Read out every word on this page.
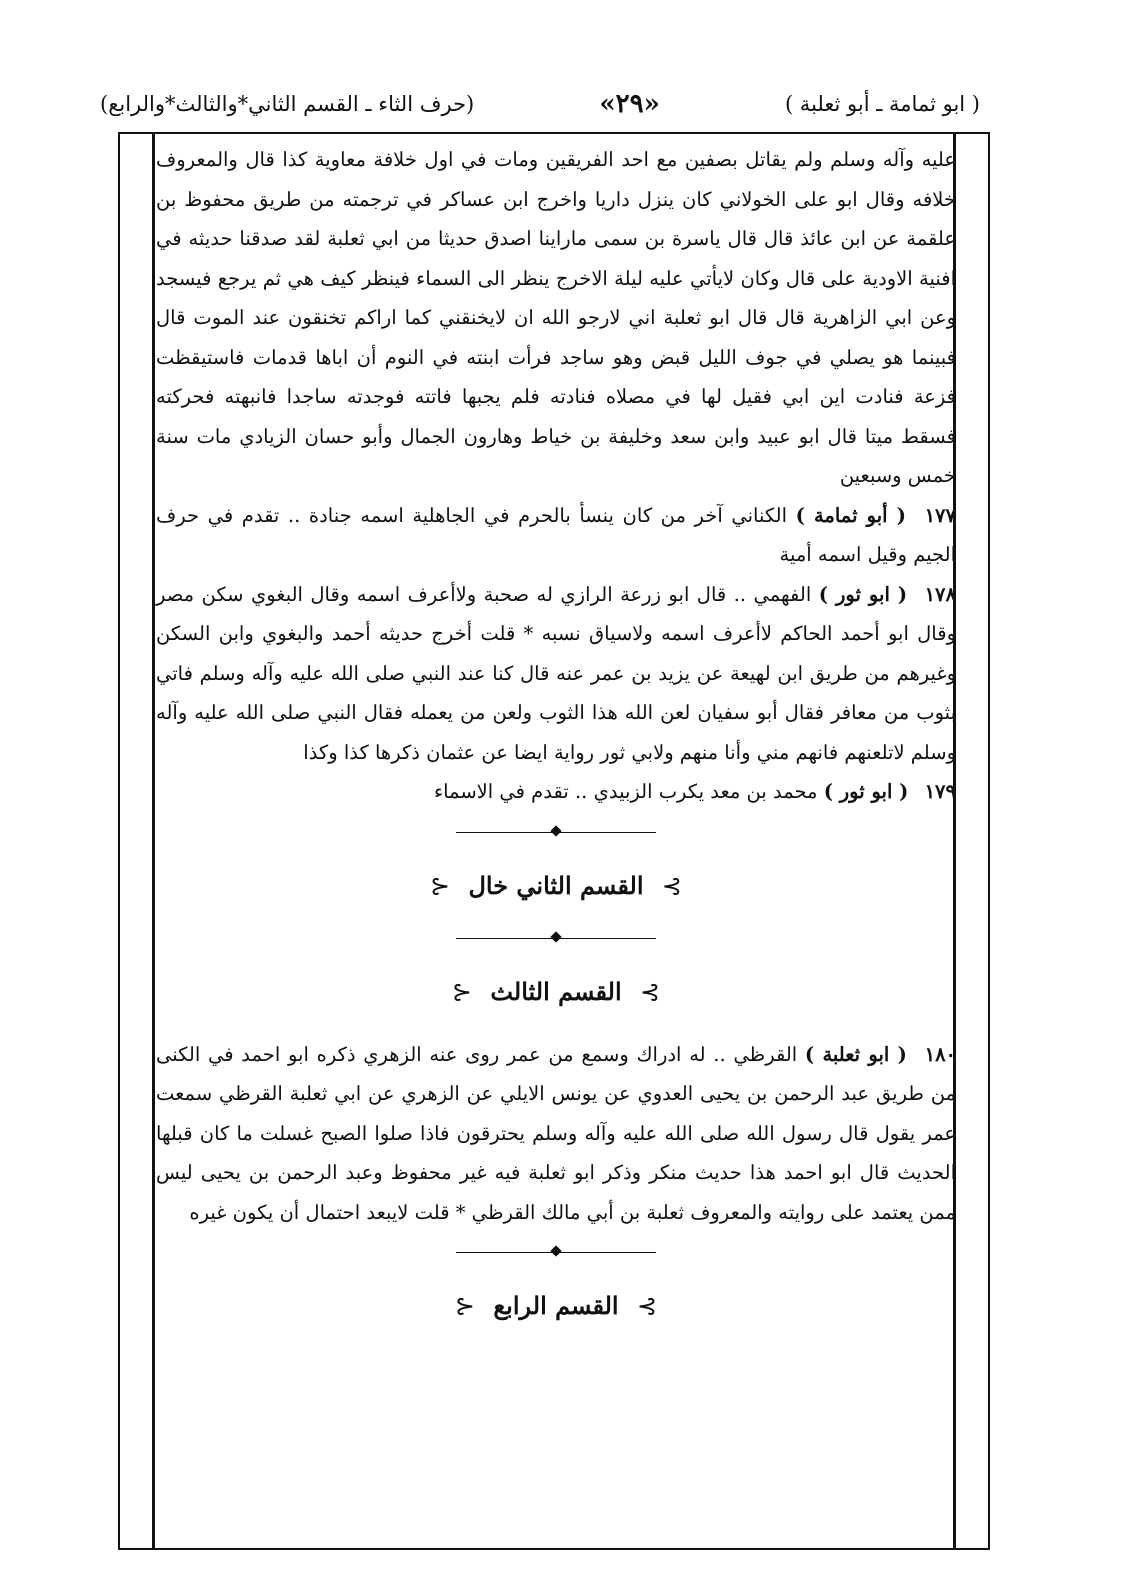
(حرف الثاء ـ القسم الثاني*والثالث*والرابع)	«٢٩»	( ابو ثمامة ـ أبو ثعلبة )

عليه وآله وسلم ولم يقاتل بصفين مع احد الفريقين ومات في اول خلافة معاوية كذا قال والمعروف خلافه وقال ابو على الخولاني كان ينزل داريا واخرج ابن عساكر في ترجمته من طريق محفوظ بن علقمة عن ابن عائذ قال قال ياسرة بن سمى ماراينا اصدق حديثا من ابي ثعلبة لقد صدقنا حديثه في افنية الاودية على قال وكان لايأتي عليه ليلة الاخرج ينظر الى السماء فينظر كيف هي ثم يرجع فيسجد وعن ابي الزاهرية قال قال ابو ثعلبة اني لارجو الله ان لايخنقني كما اراكم تخنقون عند الموت قال فبينما هو يصلي في جوف الليل قبض وهو ساجد فرأت ابنته في النوم أن اباها قدمات فاستيقظت فزعة فنادت اين ابي فقيل لها في مصلاه فنادته فلم يجبها فاتته فوجدته ساجدا فانبهته فحركته فسقط ميتا قال ابو عبيد وابن سعد وخليفة بن خياط وهارون الجمال وأبو حسان الزيادي مات سنة خمس وسبعين

١٧٧ ( أبو ثمامة ) الكناني آخر من كان ينسأ بالحرم في الجاهلية اسمه جنادة .. تقدم في حرف الجيم وقيل اسمه أمية

١٧٨ ( ابو ثور ) الفهمي .. قال ابو زرعة الرازي له صحبة ولاأعرف اسمه وقال البغوي سكن مصر وقال ابو أحمد الحاكم لاأعرف اسمه ولاسياق نسبه * قلت أخرج حديثه أحمد والبغوي وابن السكن وغيرهم من طريق ابن لهيعة عن يزيد بن عمر عنه قال كنا عند النبي صلى الله عليه وآله وسلم فاتي بثوب من معافر فقال أبو سفيان لعن الله هذا الثوب ولعن من يعمله فقال النبي صلى الله عليه وآله وسلم لاتلعنهم فانهم مني وأنا منهم ولابي ثور رواية ايضا عن عثمان ذكرها كذا وكذا

١٧٩ ( ابو ثور ) محمد بن معد يكرب الزبيدي .. تقدم في الاسماء

⊱ القسم الثاني خال ⊰
⊱ القسم الثالث ⊰

١٨٠ ( ابو ثعلبة ) القرظي .. له ادراك وسمع من عمر روى عنه الزهري ذكره ابو احمد في الكنى من طريق عبد الرحمن بن يحيى العدوي عن يونس الايلي عن الزهري عن ابي ثعلبة القرظي سمعت عمر يقول قال رسول الله صلى الله عليه وآله وسلم يحترقون فاذا صلوا الصبح غسلت ما كان قبلها الحديث قال ابو احمد هذا حديث منكر وذكر ابو ثعلبة فيه غير محفوظ وعبد الرحمن بن يحيى ليس ممن يعتمد على روايته والمعروف ثعلبة بن أبي مالك القرظي * قلت لايبعد احتمال أن يكون غيره

⊱ القسم الرابع ⊰
